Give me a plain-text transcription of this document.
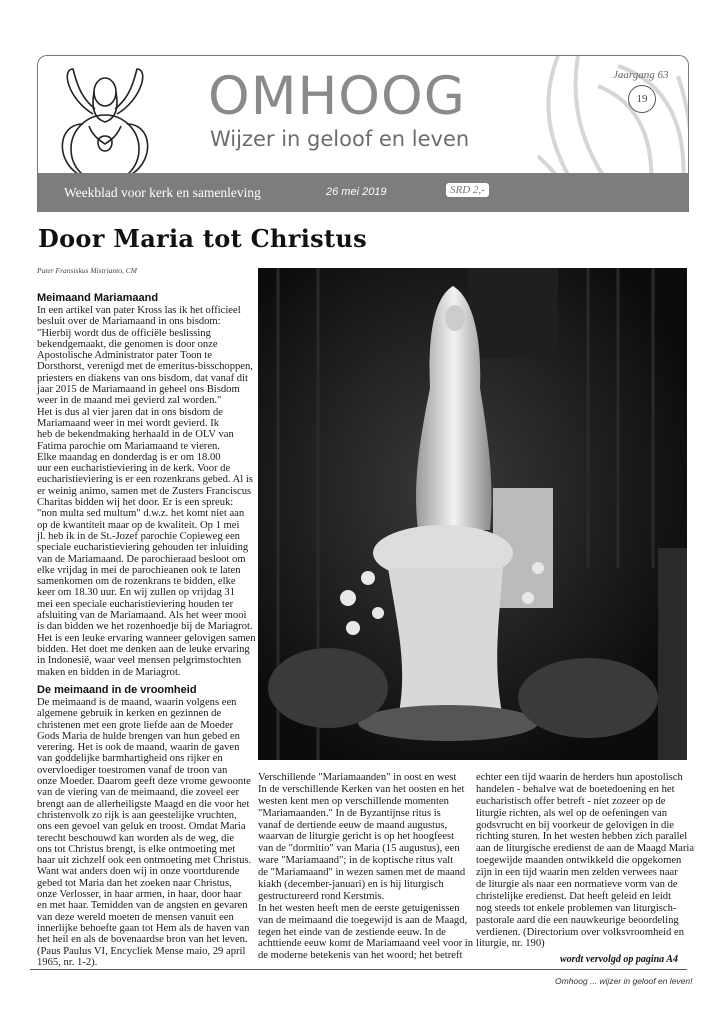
OMHOOG
Wijzer in geloof en leven
Jaargang 63
19
Weekblad voor kerk en samenleving	26 mei 2019	SRD 2,-
Door Maria tot Christus
Pater Fransiskus Mistrianto, CM
Meimaand Mariamaand
In een artikel van pater Kross las ik het officieel
besluit over de Mariamaand in ons bisdom:
"Hierbij wordt dus de officiële beslissing
bekendgemaakt, die genomen is door onze
Apostolische Administrator pater Toon te
Dorsthorst, verenigd met de emeritus-bisschoppen,
priesters en diakens van ons bisdom, dat vanaf dit
jaar 2015 de Mariamaand in geheel ons Bisdom
weer in de maand mei gevierd zal worden."
Het is dus al vier jaren dat in ons bisdom de
Mariamaand weer in mei wordt gevierd. Ik
heb de bekendmaking herhaald in de OLV van
Fatima parochie om Mariamaand te vieren.
Elke maandag en donderdag is er om 18.00
uur een eucharistieviering in de kerk. Voor de
eucharistieviering is er een rozenkrans gebed. Al is
er weinig animo, samen met de Zusters Franciscus
Charitas bidden wij het door. Er is een spreuk:
"non multa sed multum" d.w.z. het komt niet aan
op de kwantiteit maar op de kwaliteit. Op 1 mei
jl. heb ik in de St.-Jozef parochie Copieweg een
speciale eucharistieviering gehouden ter inluiding
van de Mariamaand. De parochieraad besloot om
elke vrijdag in mei de parochieanen ook te laten
samenkomen om de rozenkrans te bidden, elke
keer om 18.30 uur. En wij zullen op vrijdag 31
mei een speciale eucharistieviering houden ter
afsluiting van de Mariamaand. Als het weer mooi
is dan bidden we het rozenhoedje bij de Mariagrot.
Het is een leuke ervaring wanneer gelovigen samen
bidden. Het doet me denken aan de leuke ervaring
in Indonesië, waar veel mensen pelgrimstochten
maken en bidden in de Mariagrot.
De meimaand in de vroomheid
De meimaand is de maand, waarin volgens een
algemene gebruik in kerken en gezinnen de
christenen met een grote liefde aan de Moeder
Gods Maria de hulde brengen van hun gebed en
verering. Het is ook de maand, waarin de gaven
van goddelijke barmhartigheid ons rijker en
overvloediger toestromen vanaf de troon van
onze Moeder. Daarom geeft deze vrome gewoonte
van de viering van de meimaand, die zoveel eer
brengt aan de allerheiligste Maagd en die voor het
christenvolk zo rijk is aan geestelijke vruchten,
ons een gevoel van geluk en troost. Omdat Maria
terecht beschouwd kan worden als de weg, die
ons tot Christus brengt, is elke ontmoeting met
haar uit zichzelf ook een ontmoeting met Christus.
Want wat anders doen wij in onze voortdurende
gebed tot Maria dan het zoeken naar Christus,
onze Verlosser, in haar armen, in haar, door haar
en met haar. Temidden van de angsten en gevaren
van deze wereld moeten de mensen vanuit een
innerlijke behoefte gaan tot Hem als de haven van
het heil en als de bovenaardse bron van het leven.
(Paus Paulus VI, Encycliek Mense maio, 29 april
1965, nr. 1-2).
Verschillende "Mariamaanden" in oost en west
In de verschillende Kerken van het oosten en het
westen kent men op verschillende momenten
"Mariamaanden." In de Byzantijnse ritus is
vanaf de dertiende eeuw de maand augustus,
waarvan de liturgie gericht is op het hoogfeest
van de "dormitio" van Maria (15 augustus), een
ware "Mariamaand"; in de koptische ritus valt
de "Mariamaand" in wezen samen met de maand
kiakh (december-januari) en is hij liturgisch
gestructureerd rond Kerstmis.
In het westen heeft men de eerste getuigenissen
van de meimaand die toegewijd is aan de Maagd,
tegen het einde van de zestiende eeuw. In de
achttiende eeuw komt de Mariamaand veel voor in
de moderne betekenis van het woord; het betreft
echter een tijd waarin de herders hun apostolisch
handelen - behalve wat de boetedoening en het
eucharistisch offer betreft - niet zozeer op de
liturgie richten, als wel op de oefeningen van
godsvrucht en bij voorkeur de gelovigen in die
richting sturen. In het westen hebben zich parallel
aan de liturgische eredienst de aan de Maagd Maria
toegewijde maanden ontwikkeld die opgekomen
zijn in een tijd waarin men zelden verwees naar
de liturgie als naar een normatieve vorm van de
christelijke eredienst. Dat heeft geleid en leidt
nog steeds tot enkele problemen van liturgisch-
pastorale aard die een nauwkeurige beoordeling
verdienen. (Directorium over volksvroomheid en
liturgie, nr. 190)
wordt vervolgd op pagina A4
Omhoog ... wijzer in geloof en leven!
